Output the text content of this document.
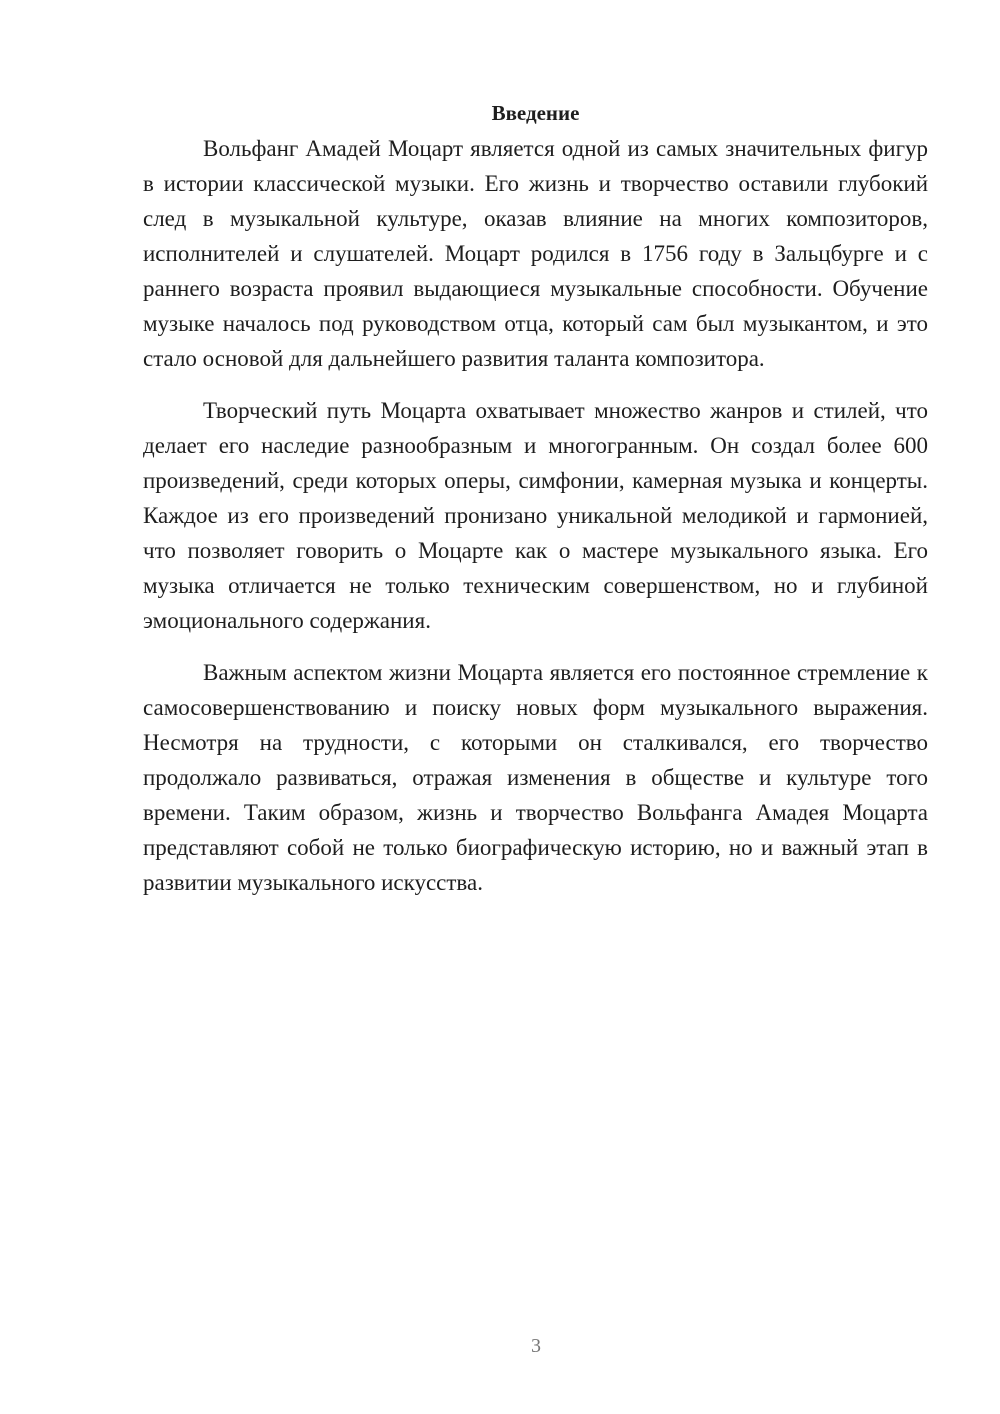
Введение

Вольфанг Амадей Моцарт является одной из самых значительных фигур в истории классической музыки. Его жизнь и творчество оставили глубокий след в музыкальной культуре, оказав влияние на многих композиторов, исполнителей и слушателей. Моцарт родился в 1756 году в Зальцбурге и с раннего возраста проявил выдающиеся музыкальные способности. Обучение музыке началось под руководством отца, который сам был музыкантом, и это стало основой для дальнейшего развития таланта композитора.

Творческий путь Моцарта охватывает множество жанров и стилей, что делает его наследие разнообразным и многогранным. Он создал более 600 произведений, среди которых оперы, симфонии, камерная музыка и концерты. Каждое из его произведений пронизано уникальной мелодикой и гармонией, что позволяет говорить о Моцарте как о мастере музыкального языка. Его музыка отличается не только техническим совершенством, но и глубиной эмоционального содержания.

Важным аспектом жизни Моцарта является его постоянное стремление к самосовершенствованию и поиску новых форм музыкального выражения. Несмотря на трудности, с которыми он сталкивался, его творчество продолжало развиваться, отражая изменения в обществе и культуре того времени. Таким образом, жизнь и творчество Вольфанга Амадея Моцарта представляют собой не только биографическую историю, но и важный этап в развитии музыкального искусства.

3
